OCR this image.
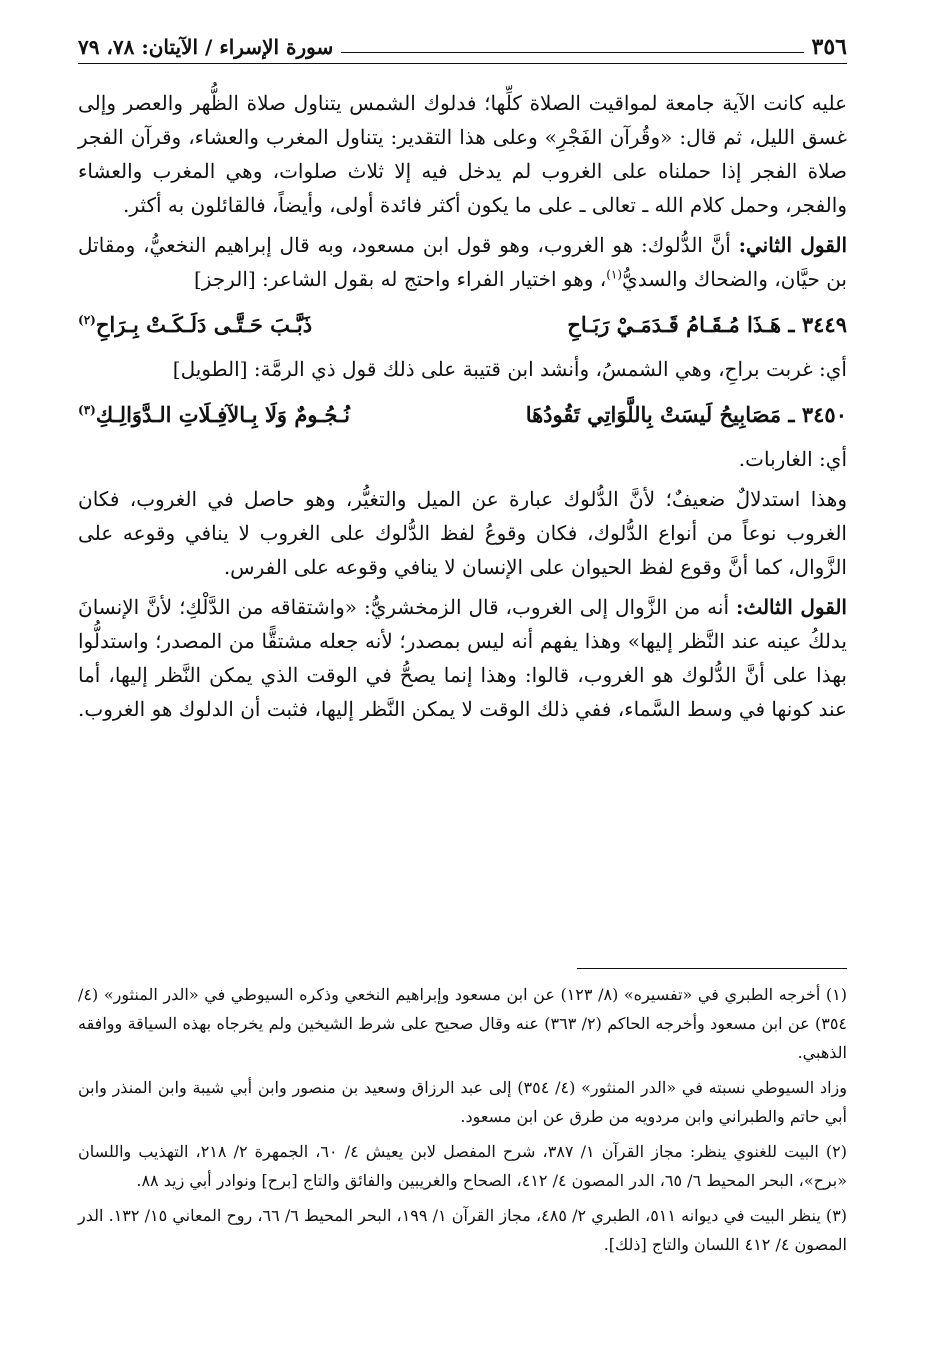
٣٥٦
سورة الإسراء / الآيتان: ٧٨، ٧٩

عليه كانت الآية جامعة لمواقيت الصلاة كلِّها؛ فدلوك الشمس يتناول صلاة الظُّهر والعصر وإلى غسق الليل، ثم قال: «وقُرآن الفَجْرِ» وعلى هذا التقدير: يتناول المغرب والعشاء، وقرآن الفجر صلاة الفجر إذا حملناه على الغروب لم يدخل فيه إلا ثلاث صلوات، وهي المغرب والعشاء والفجر، وحمل كلام الله ـ تعالى ـ على ما يكون أكثر فائدة أولى، وأيضاً، فالقائلون به أكثر.

القول الثاني: أنَّ الدُّلوك: هو الغروب، وهو قول ابن مسعود، وبه قال إبراهيم النخعيُّ، ومقاتل بن حيَّان، والضحاك والسديُّ$^{(١)}$، وهو اختيار الفراء واحتج له بقول الشاعر: [الرجز]

٣٤٤٩ ـ هَـذَا مُـقَـامُ قَـدَمَـيْ رَبَـاحِ
ذَبَّـبَ حَـتَّـى دَلَـكَـتْ بِـرَاحِ$^{(٢)}$

أي: غربت براحِ، وهي الشمسُ، وأنشد ابن قتيبة على ذلك قول ذي الرمَّة: [الطويل]

٣٤٥٠ ـ مَصَابِيحُ لَيسَتْ بِاللَّوَاتِي تَقُودُهَا
نُـجُـومٌ وَلَا بِـالآفِـلَاتِ الـدَّوَالِـكِ$^{(٣)}$

أي: الغاربات.

وهذا استدلالٌ ضعيفٌ؛ لأنَّ الدُّلوك عبارة عن الميل والتغيُّر، وهو حاصل في الغروب، فكان الغروب نوعاً من أنواع الدُّلوك، فكان وقوعُ لفظ الدُّلوك على الغروب لا ينافي وقوعه على الزَّوال، كما أنَّ وقوع لفظ الحيوان على الإنسان لا ينافي وقوعه على الفرس.

القول الثالث: أنه من الزَّوال إلى الغروب، قال الزمخشريُّ: «واشتقاقه من الدَّلْكِ؛ لأنَّ الإنسانَ يدلكُ عينه عند النَّظر إليها» وهذا يفهم أنه ليس بمصدر؛ لأنه جعله مشتقًّا من المصدر؛ واستدلُّوا بهذا على أنَّ الدُّلوك هو الغروب، قالوا: وهذا إنما يصحُّ في الوقت الذي يمكن النَّظر إليها، أما عند كونها في وسط السَّماء، ففي ذلك الوقت لا يمكن النَّظر إليها، فثبت أن الدلوك هو الغروب.

(١) أخرجه الطبري في «تفسيره» (٨/ ١٢٣) عن ابن مسعود وإبراهيم النخعي وذكره السيوطي في «الدر المنثور» (٤/ ٣٥٤) عن ابن مسعود وأخرجه الحاكم (٢/ ٣٦٣) عنه وقال صحيح على شرط الشيخين ولم يخرجاه بهذه السياقة ووافقه الذهبي.

وزاد السيوطي نسبته في «الدر المنثور» (٤/ ٣٥٤) إلى عبد الرزاق وسعيد بن منصور وابن أبي شيبة وابن المنذر وابن أبي حاتم والطبراني وابن مردويه من طرق عن ابن مسعود.

(٢) البيت للغنوي ينظر: مجاز القرآن ١/ ٣٨٧، شرح المفصل لابن يعيش ٤/ ٦٠، الجمهرة ٢/ ٢١٨، التهذيب واللسان «برح»، البحر المحيط ٦/ ٦٥، الدر المصون ٤/ ٤١٢، الصحاح والغريبين والفائق والتاج [برح] ونوادر أبي زيد ٨٨.

(٣) ينظر البيت في ديوانه ٥١١، الطبري ٢/ ٤٨٥، مجاز القرآن ١/ ١٩٩، البحر المحيط ٦/ ٦٦، روح المعاني ١٥/ ١٣٢. الدر المصون ٤/ ٤١٢ اللسان والتاج [ذلك].
